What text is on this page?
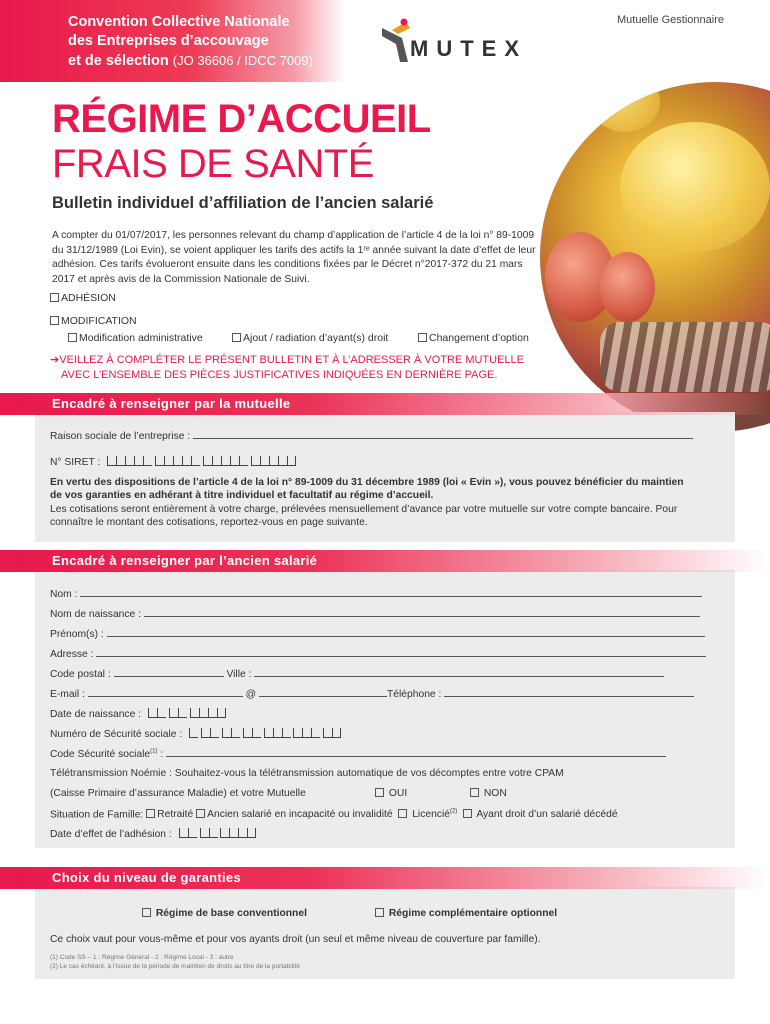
Convention Collective Nationale
des Entreprises d’accouvage
et de sélection (JO 36606 / IDCC 7009)
Mutuelle Gestionnaire
MUTEX
RÉGIME D’ACCUEIL
FRAIS DE SANTÉ
Bulletin individuel d’affiliation de l’ancien salarié
A compter du 01/07/2017, les personnes relevant du champ d’application de l’article 4 de la loi n° 89-1009 du 31/12/1989 (Loi Evin), se voient appliquer les tarifs des actifs la 1ʳᵉ année suivant la date d’effet de leur adhésion. Ces tarifs évolueront ensuite dans les conditions fixées par le Décret n°2017-372 du 21 mars 2017 et après avis de la Commission Nationale de Suivi.
ADHÉSION
MODIFICATION
Modification administrative	Ajout / radiation d’ayant(s) droit	Changement d’option
➔VEILLEZ À COMPLÉTER LE PRÉSENT BULLETIN ET À L’ADRESSER À VOTRE MUTUELLE
AVEC L’ENSEMBLE DES PIÈCES JUSTIFICATIVES INDIQUÉES EN DERNIÈRE PAGE.
Encadré à renseigner par la mutuelle
Raison sociale de l’entreprise :
N° SIRET :
En vertu des dispositions de l’article 4 de la loi n° 89-1009 du 31 décembre 1989 (loi « Evin »), vous pouvez bénéficier du maintien de vos garanties en adhérant à titre individuel et facultatif au régime d’accueil.
Les cotisations seront entièrement à votre charge, prélevées mensuellement d’avance par votre mutuelle sur votre compte bancaire. Pour connaître le montant des cotisations, reportez-vous en page suivante.
Encadré à renseigner par l’ancien salarié
Nom :
Nom de naissance :
Prénom(s) :
Adresse :
Code postal :	Ville :
E-mail :	@	Téléphone :
Date de naissance :
Numéro de Sécurité sociale :
Code Sécurité sociale$^{(1)}$ :
Télétransmission Noémie : Souhaitez-vous la télétransmission automatique de vos décomptes entre votre CPAM
(Caisse Primaire d’assurance Maladie) et votre Mutuelle	OUI	NON
Situation de Famille: Retraité Ancien salarié en incapacité ou invalidité Licencié$^{(2)}$ Ayant droit d’un salarié décédé
Date d’effet de l’adhésion :
Choix du niveau de garanties
Régime de base conventionnel	Régime complémentaire optionnel
Ce choix vaut pour vous-même et pour vos ayants droit (un seul et même niveau de couverture par famille).
(1) Code SS – 1 : Régime Général - 2 : Régime Local - 3 : autre
(2) Le cas échéant, à l’issue de la période de maintien de droits au titre de la portabilité
